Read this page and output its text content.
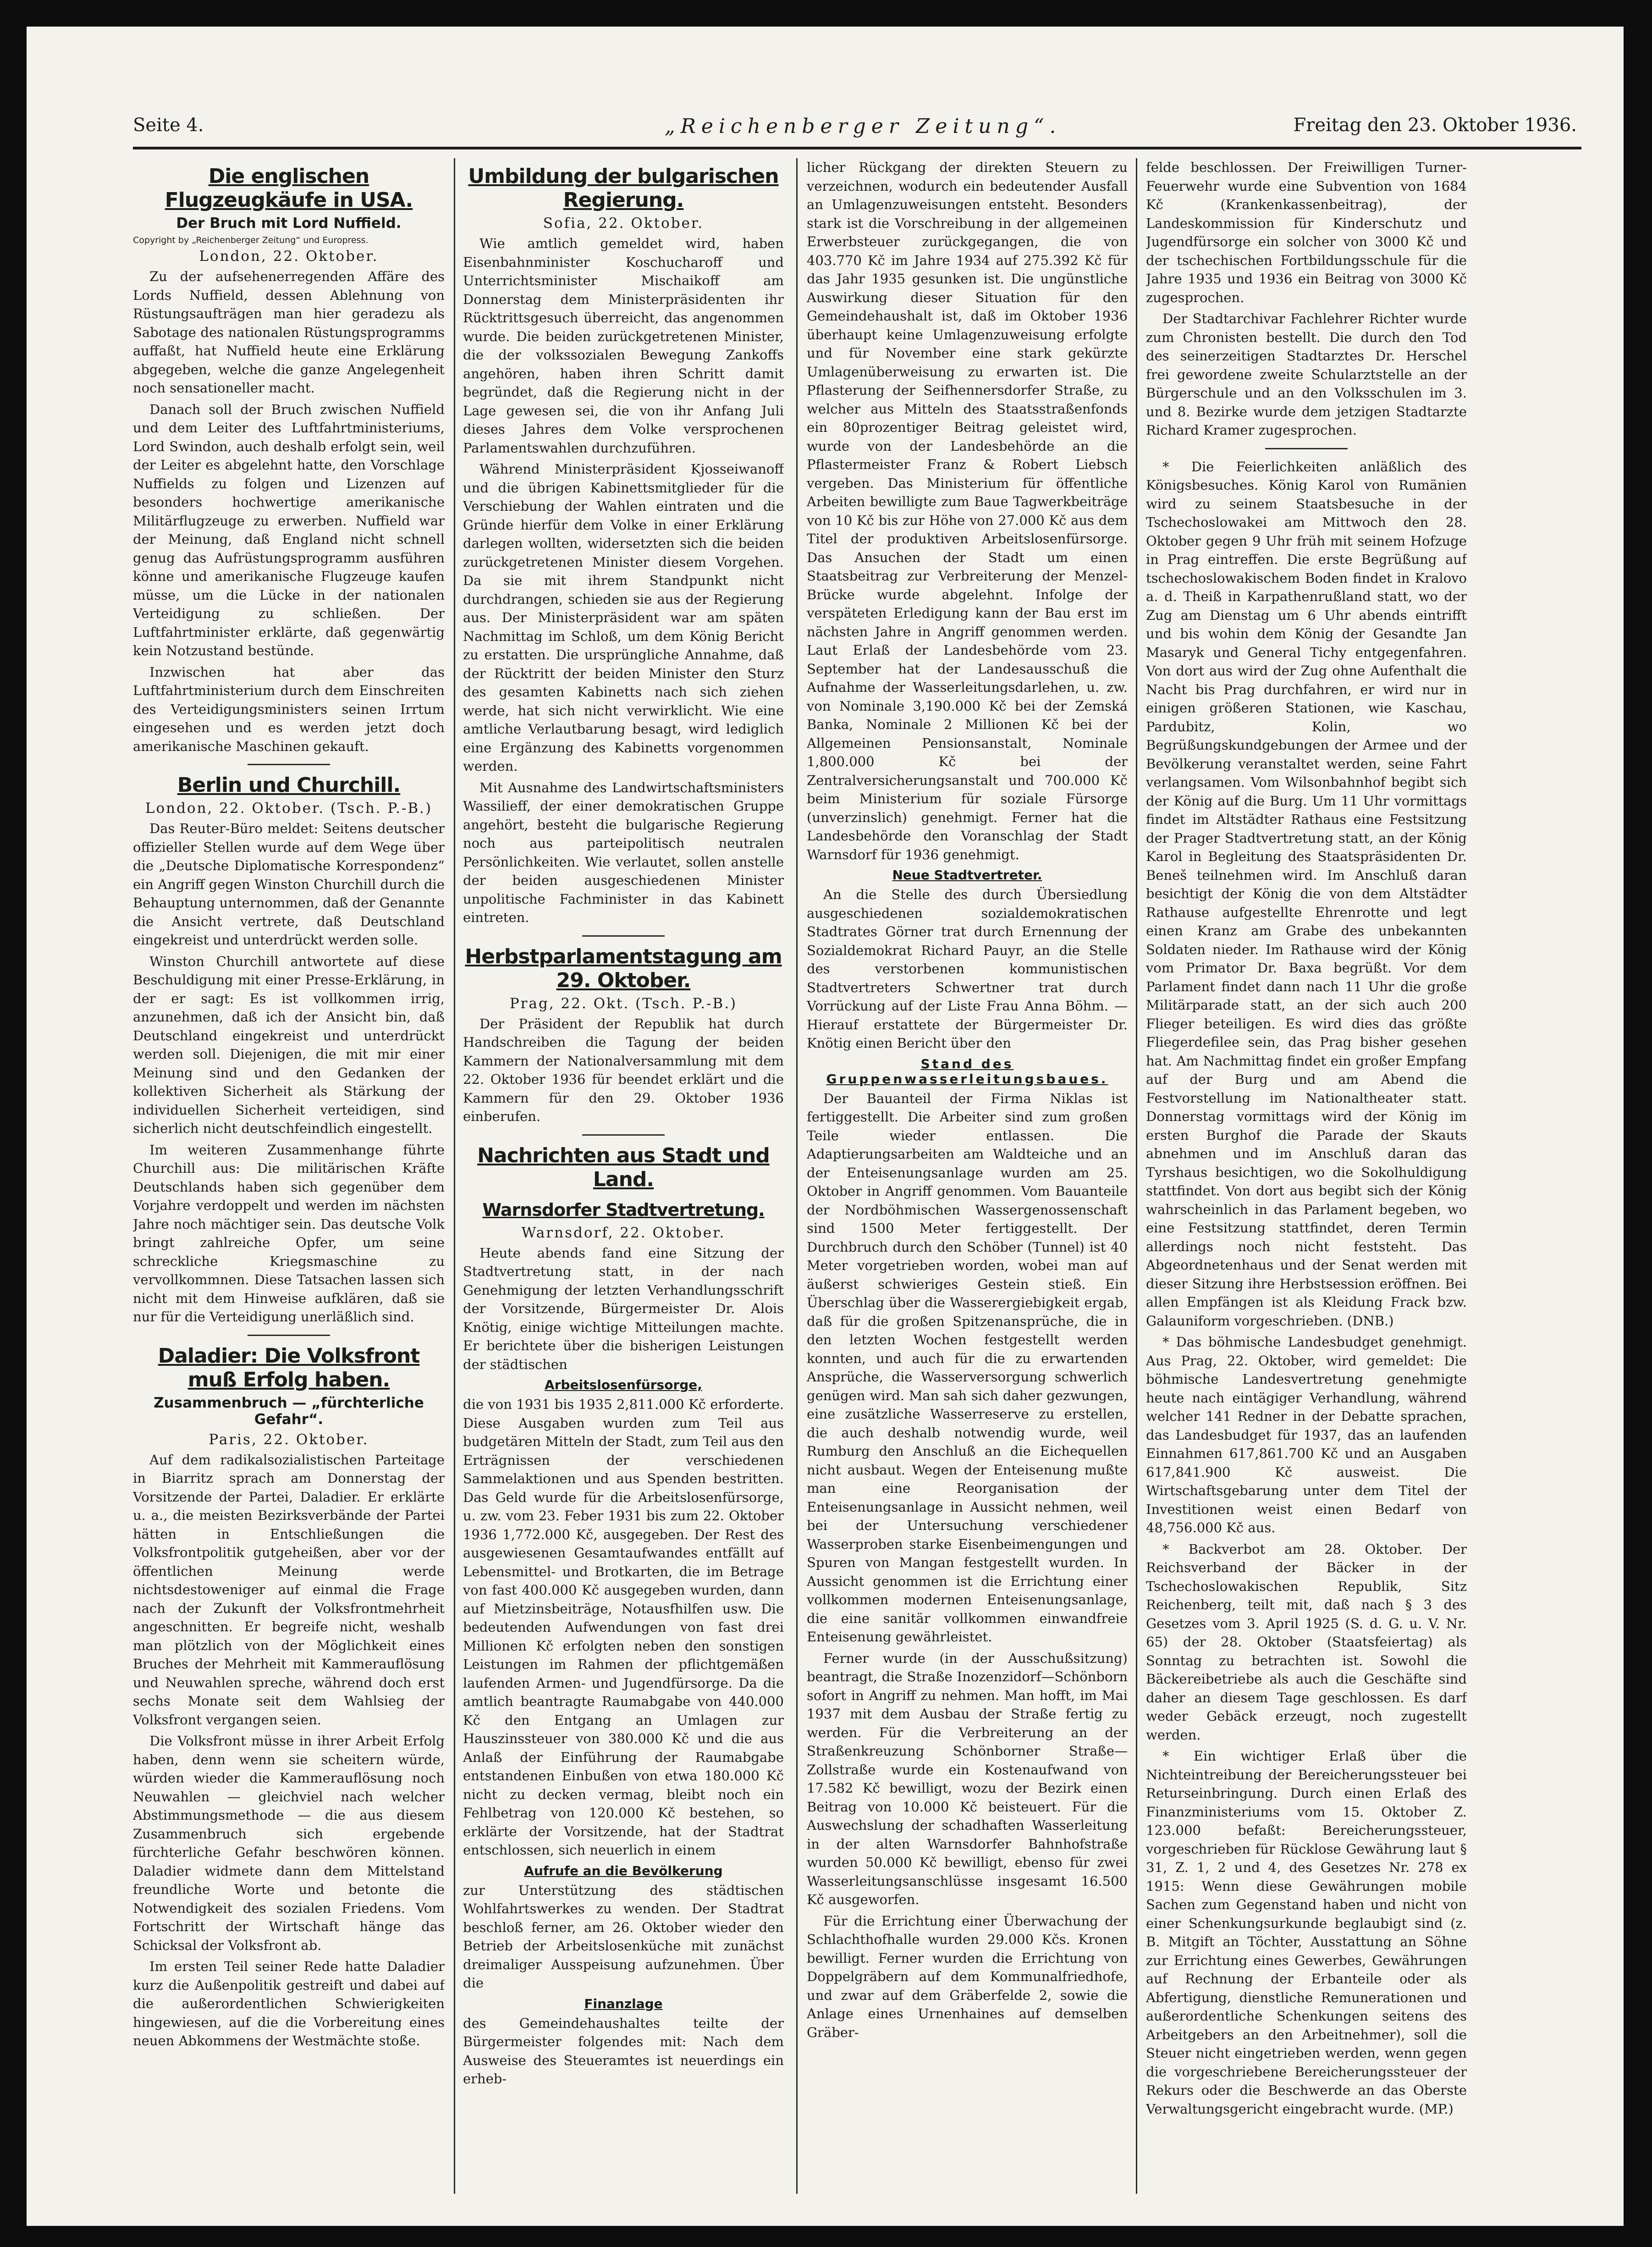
Seite 4.	„Reichenberger Zeitung“.	Freitag den 23. Oktober 1936.
Die englischen Flugzeugkäufe in USA.
Der Bruch mit Lord Nuffield.
Copyright by „Reichenberger Zeitung“ und Europress.
London, 22. Oktober.

Zu der aufsehenerregenden Affäre des Lords Nuffield, dessen Ablehnung von Rüstungsaufträgen man hier geradezu als Sabotage des nationalen Rüstungsprogramms auffaßt, hat Nuffield heute eine Erklärung abgegeben, welche die ganze Angelegenheit noch sensationeller macht.

Danach soll der Bruch zwischen Nuffield und dem Leiter des Luftfahrtministeriums, Lord Swindon, auch deshalb erfolgt sein, weil der Leiter es abgelehnt hatte, den Vorschlage Nuffields zu folgen und Lizenzen auf besonders hochwertige amerikanische Militärflugzeuge zu erwerben. Nuffield war der Meinung, daß England nicht schnell genug das Aufrüstungsprogramm ausführen könne und amerikanische Flugzeuge kaufen müsse, um die Lücke in der nationalen Verteidigung zu schließen. Der Luftfahrtminister erklärte, daß gegenwärtig kein Notzustand bestünde.

Inzwischen hat aber das Luftfahrtministerium durch dem Einschreiten des Verteidigungsministers seinen Irrtum eingesehen und es werden jetzt doch amerikanische Maschinen gekauft.

Berlin und Churchill.
London, 22. Oktober. (Tsch. P.-B.)

Das Reuter-Büro meldet: Seitens deutscher offizieller Stellen wurde auf dem Wege über die „Deutsche Diplomatische Korrespondenz“ ein Angriff gegen Winston Churchill durch die Behauptung unternommen, daß der Genannte die Ansicht vertrete, daß Deutschland eingekreist und unterdrückt werden solle.

Winston Churchill antwortete auf diese Beschuldigung mit einer Presse-Erklärung, in der er sagt: Es ist vollkommen irrig, anzunehmen, daß ich der Ansicht bin, daß Deutschland eingekreist und unterdrückt werden soll. Diejenigen, die mit mir einer Meinung sind und den Gedanken der kollektiven Sicherheit als Stärkung der individuellen Sicherheit verteidigen, sind sicherlich nicht deutschfeindlich eingestellt.

Im weiteren Zusammenhange führte Churchill aus: Die militärischen Kräfte Deutschlands haben sich gegenüber dem Vorjahre verdoppelt und werden im nächsten Jahre noch mächtiger sein. Das deutsche Volk bringt zahlreiche Opfer, um seine schreckliche Kriegsmaschine zu vervollkommnen. Diese Tatsachen lassen sich nicht mit dem Hinweise aufklären, daß sie nur für die Verteidigung unerläßlich sind.

Daladier: Die Volksfront muß Erfolg haben.
Zusammenbruch — „fürchterliche Gefahr“.
Paris, 22. Oktober.

Auf dem radikalsozialistischen Parteitage in Biarritz sprach am Donnerstag der Vorsitzende der Partei, Daladier. Er erklärte u. a., die meisten Bezirksverbände der Partei hätten in Entschließungen die Volksfrontpolitik gutgeheißen, aber vor der öffentlichen Meinung werde nichtsdestoweniger auf einmal die Frage nach der Zukunft der Volksfrontmehrheit angeschnitten. Er begreife nicht, weshalb man plötzlich von der Möglichkeit eines Bruches der Mehrheit mit Kammerauflösung und Neuwahlen spreche, während doch erst sechs Monate seit dem Wahlsieg der Volksfront vergangen seien.

Die Volksfront müsse in ihrer Arbeit Erfolg haben, denn wenn sie scheitern würde, würden wieder die Kammerauflösung noch Neuwahlen — gleichviel nach welcher Abstimmungsmethode — die aus diesem Zusammenbruch sich ergebende fürchterliche Gefahr beschwören können. Daladier widmete dann dem Mittelstand freundliche Worte und betonte die Notwendigkeit des sozialen Friedens. Vom Fortschritt der Wirtschaft hänge das Schicksal der Volksfront ab.

Im ersten Teil seiner Rede hatte Daladier kurz die Außenpolitik gestreift und dabei auf die außerordentlichen Schwierigkeiten hingewiesen, auf die die Vorbereitung eines neuen Abkommens der Westmächte stoße.

Umbildung der bulgarischen Regierung.
Sofia, 22. Oktober.

Wie amtlich gemeldet wird, haben Eisenbahnminister Koschucharoff und Unterrichtsminister Mischaikoff am Donnerstag dem Ministerpräsidenten ihr Rücktrittsgesuch überreicht, das angenommen wurde. Die beiden zurückgetretenen Minister, die der volkssozialen Bewegung Zankoffs angehören, haben ihren Schritt damit begründet, daß die Regierung nicht in der Lage gewesen sei, die von ihr Anfang Juli dieses Jahres dem Volke versprochenen Parlamentswahlen durchzuführen.

Während Ministerpräsident Kjosseiwanoff und die übrigen Kabinettsmitglieder für die Verschiebung der Wahlen eintraten und die Gründe hierfür dem Volke in einer Erklärung darlegen wollten, widersetzten sich die beiden zurückgetretenen Minister diesem Vorgehen. Da sie mit ihrem Standpunkt nicht durchdrangen, schieden sie aus der Regierung aus. Der Ministerpräsident war am späten Nachmittag im Schloß, um dem König Bericht zu erstatten. Die ursprüngliche Annahme, daß der Rücktritt der beiden Minister den Sturz des gesamten Kabinetts nach sich ziehen werde, hat sich nicht verwirklicht. Wie eine amtliche Verlautbarung besagt, wird lediglich eine Ergänzung des Kabinetts vorgenommen werden.

Mit Ausnahme des Landwirtschaftsministers Wassilieff, der einer demokratischen Gruppe angehört, besteht die bulgarische Regierung noch aus parteipolitisch neutralen Persönlichkeiten. Wie verlautet, sollen anstelle der beiden ausgeschiedenen Minister unpolitische Fachminister in das Kabinett eintreten.

Herbstparlamentstagung am 29. Oktober.
Prag, 22. Okt. (Tsch. P.-B.)

Der Präsident der Republik hat durch Handschreiben die Tagung der beiden Kammern der Nationalversammlung mit dem 22. Oktober 1936 für beendet erklärt und die Kammern für den 29. Oktober 1936 einberufen.

Nachrichten aus Stadt und Land.
Warnsdorfer Stadtvertretung.
Warnsdorf, 22. Oktober.

Heute abends fand eine Sitzung der Stadtvertretung statt, in der nach Genehmigung der letzten Verhandlungsschrift der Vorsitzende, Bürgermeister Dr. Alois Knötig, einige wichtige Mitteilungen machte. Er berichtete über die bisherigen Leistungen der städtischen

Arbeitslosenfürsorge,

die von 1931 bis 1935 2,811.000 Kč erforderte. Diese Ausgaben wurden zum Teil aus budgetären Mitteln der Stadt, zum Teil aus den Erträgnissen der verschiedenen Sammelaktionen und aus Spenden bestritten. Das Geld wurde für die Arbeitslosenfürsorge, u. zw. vom 23. Feber 1931 bis zum 22. Oktober 1936 1,772.000 Kč, ausgegeben. Der Rest des ausgewiesenen Gesamtaufwandes entfällt auf Lebensmittel- und Brotkarten, die im Betrage von fast 400.000 Kč ausgegeben wurden, dann auf Mietzinsbeiträge, Notausfhilfen usw. Die bedeutenden Aufwendungen von fast drei Millionen Kč erfolgten neben den sonstigen Leistungen im Rahmen der pflichtgemäßen laufenden Armen- und Jugendfürsorge. Da die amtlich beantragte Raumabgabe von 440.000 Kč den Entgang an Umlagen zur Hauszinssteuer von 380.000 Kč und die aus Anlaß der Einführung der Raumabgabe entstandenen Einbußen von etwa 180.000 Kč nicht zu decken vermag, bleibt noch ein Fehlbetrag von 120.000 Kč bestehen, so erklärte der Vorsitzende, hat der Stadtrat entschlossen, sich neuerlich in einem

Aufrufe an die Bevölkerung

zur Unterstützung des städtischen Wohlfahrtswerkes zu wenden. Der Stadtrat beschloß ferner, am 26. Oktober wieder den Betrieb der Arbeitslosenküche mit zunächst dreimaliger Ausspeisung aufzunehmen. Über die

Finanzlage

des Gemeindehaushaltes teilte der Bürgermeister folgendes mit: Nach dem Ausweise des Steueramtes ist neuerdings ein erheb-

licher Rückgang der direkten Steuern zu verzeichnen, wodurch ein bedeutender Ausfall an Umlagenzuweisungen entsteht. Besonders stark ist die Vorschreibung in der allgemeinen Erwerbsteuer zurückgegangen, die von 403.770 Kč im Jahre 1934 auf 275.392 Kč für das Jahr 1935 gesunken ist. Die ungünstliche Auswirkung dieser Situation für den Gemeindehaushalt ist, daß im Oktober 1936 überhaupt keine Umlagenzuweisung erfolgte und für November eine stark gekürzte Umlagenüberweisung zu erwarten ist. Die Pflasterung der Seifhennersdorfer Straße, zu welcher aus Mitteln des Staatsstraßenfonds ein 80prozentiger Beitrag geleistet wird, wurde von der Landesbehörde an die Pflastermeister Franz & Robert Liebsch vergeben. Das Ministerium für öffentliche Arbeiten bewilligte zum Baue Tagwerkbeiträge von 10 Kč bis zur Höhe von 27.000 Kč aus dem Titel der produktiven Arbeitslosenfürsorge. Das Ansuchen der Stadt um einen Staatsbeitrag zur Verbreiterung der Menzel-Brücke wurde abgelehnt. Infolge der verspäteten Erledigung kann der Bau erst im nächsten Jahre in Angriff genommen werden. Laut Erlaß der Landesbehörde vom 23. September hat der Landesausschuß die Aufnahme der Wasserleitungsdarlehen, u. zw. von Nominale 3,190.000 Kč bei der Zemská Banka, Nominale 2 Millionen Kč bei der Allgemeinen Pensionsanstalt, Nominale 1,800.000 Kč bei der Zentralversicherungsanstalt und 700.000 Kč beim Ministerium für soziale Fürsorge (unverzinslich) genehmigt. Ferner hat die Landesbehörde den Voranschlag der Stadt Warnsdorf für 1936 genehmigt.

Neue Stadtvertreter.

An die Stelle des durch Übersiedlung ausgeschiedenen sozialdemokratischen Stadtrates Görner trat durch Ernennung der Sozialdemokrat Richard Pauyr, an die Stelle des verstorbenen kommunistischen Stadtvertreters Schwertner trat durch Vorrückung auf der Liste Frau Anna Böhm. — Hierauf erstattete der Bürgermeister Dr. Knötig einen Bericht über den

Stand des Gruppenwasserleitungsbaues.

Der Bauanteil der Firma Niklas ist fertiggestellt. Die Arbeiter sind zum großen Teile wieder entlassen. Die Adaptierungsarbeiten am Waldteiche und an der Enteisenungsanlage wurden am 25. Oktober in Angriff genommen. Vom Bauanteile der Nordböhmischen Wassergenossenschaft sind 1500 Meter fertiggestellt. Der Durchbruch durch den Schöber (Tunnel) ist 40 Meter vorgetrieben worden, wobei man auf äußerst schwieriges Gestein stieß. Ein Überschlag über die Wasserergiebigkeit ergab, daß für die großen Spitzenansprüche, die in den letzten Wochen festgestellt werden konnten, und auch für die zu erwartenden Ansprüche, die Wasserversorgung schwerlich genügen wird. Man sah sich daher gezwungen, eine zusätzliche Wasserreserve zu erstellen, die auch deshalb notwendig wurde, weil Rumburg den Anschluß an die Eichequellen nicht ausbaut. Wegen der Enteisenung mußte man eine Reorganisation der Enteisenungsanlage in Aussicht nehmen, weil bei der Untersuchung verschiedener Wasserproben starke Eisenbeimengungen und Spuren von Mangan festgestellt wurden. In Aussicht genommen ist die Errichtung einer vollkommen modernen Enteisenungsanlage, die eine sanitär vollkommen einwandfreie Enteisenung gewährleistet.

Ferner wurde (in der Ausschußsitzung) beantragt, die Straße Inozenzidorf—Schönborn sofort in Angriff zu nehmen. Man hofft, im Mai 1937 mit dem Ausbau der Straße fertig zu werden. Für die Verbreiterung an der Straßenkreuzung Schönborner Straße—Zollstraße wurde ein Kostenaufwand von 17.582 Kč bewilligt, wozu der Bezirk einen Beitrag von 10.000 Kč beisteuert. Für die Auswechslung der schadhaften Wasserleitung in der alten Warnsdorfer Bahnhofstraße wurden 50.000 Kč bewilligt, ebenso für zwei Wasserleitungsanschlüsse insgesamt 16.500 Kč ausgeworfen.

Für die Errichtung einer Überwachung der Schlachthofhalle wurden 29.000 Kčs. Kronen bewilligt. Ferner wurden die Errichtung von Doppelgräbern auf dem Kommunalfriedhofe, und zwar auf dem Gräberfelde 2, sowie die Anlage eines Urnenhaines auf demselben Gräber-

felde beschlossen. Der Freiwilligen Turner-Feuerwehr wurde eine Subvention von 1684 Kč (Krankenkassenbeitrag), der Landeskommission für Kinderschutz und Jugendfürsorge ein solcher von 3000 Kč und der tschechischen Fortbildungsschule für die Jahre 1935 und 1936 ein Beitrag von 3000 Kč zugesprochen.

Der Stadtarchivar Fachlehrer Richter wurde zum Chronisten bestellt. Die durch den Tod des seinerzeitigen Stadtarztes Dr. Herschel frei gewordene zweite Schularztstelle an der Bürgerschule und an den Volksschulen im 3. und 8. Bezirke wurde dem jetzigen Stadtarzte Richard Kramer zugesprochen.

* Die Feierlichkeiten anläßlich des Königsbesuches. König Karol von Rumänien wird zu seinem Staatsbesuche in der Tschechoslowakei am Mittwoch den 28. Oktober gegen 9 Uhr früh mit seinem Hofzuge in Prag eintreffen. Die erste Begrüßung auf tschechoslowakischem Boden findet in Kralovo a. d. Theiß in Karpathenrußland statt, wo der Zug am Dienstag um 6 Uhr abends eintrifft und bis wohin dem König der Gesandte Jan Masaryk und General Tichy entgegenfahren. Von dort aus wird der Zug ohne Aufenthalt die Nacht bis Prag durchfahren, er wird nur in einigen größeren Stationen, wie Kaschau, Pardubitz, Kolin, wo Begrüßungskundgebungen der Armee und der Bevölkerung veranstaltet werden, seine Fahrt verlangsamen. Vom Wilsonbahnhof begibt sich der König auf die Burg. Um 11 Uhr vormittags findet im Altstädter Rathaus eine Festsitzung der Prager Stadtvertretung statt, an der König Karol in Begleitung des Staatspräsidenten Dr. Beneš teilnehmen wird. Im Anschluß daran besichtigt der König die von dem Altstädter Rathause aufgestellte Ehrenrotte und legt einen Kranz am Grabe des unbekannten Soldaten nieder. Im Rathause wird der König vom Primator Dr. Baxa begrüßt. Vor dem Parlament findet dann nach 11 Uhr die große Militärparade statt, an der sich auch 200 Flieger beteiligen. Es wird dies das größte Fliegerdefilee sein, das Prag bisher gesehen hat. Am Nachmittag findet ein großer Empfang auf der Burg und am Abend die Festvorstellung im Nationaltheater statt. Donnerstag vormittags wird der König im ersten Burghof die Parade der Skauts abnehmen und im Anschluß daran das Tyrshaus besichtigen, wo die Sokolhuldigung stattfindet. Von dort aus begibt sich der König wahrscheinlich in das Parlament begeben, wo eine Festsitzung stattfindet, deren Termin allerdings noch nicht feststeht. Das Abgeordnetenhaus und der Senat werden mit dieser Sitzung ihre Herbstsession eröffnen. Bei allen Empfängen ist als Kleidung Frack bzw. Galauniform vorgeschrieben. (DNB.)

* Das böhmische Landesbudget genehmigt. Aus Prag, 22. Oktober, wird gemeldet: Die böhmische Landesvertretung genehmigte heute nach eintägiger Verhandlung, während welcher 141 Redner in der Debatte sprachen, das Landesbudget für 1937, das an laufenden Einnahmen 617,861.700 Kč und an Ausgaben 617,841.900 Kč ausweist. Die Wirtschaftsgebarung unter dem Titel der Investitionen weist einen Bedarf von 48,756.000 Kč aus.

* Backverbot am 28. Oktober. Der Reichsverband der Bäcker in der Tschechoslowakischen Republik, Sitz Reichenberg, teilt mit, daß nach § 3 des Gesetzes vom 3. April 1925 (S. d. G. u. V. Nr. 65) der 28. Oktober (Staatsfeiertag) als Sonntag zu betrachten ist. Sowohl die Bäckereibetriebe als auch die Geschäfte sind daher an diesem Tage geschlossen. Es darf weder Gebäck erzeugt, noch zugestellt werden.

* Ein wichtiger Erlaß über die Nichteintreibung der Bereicherungssteuer bei Returseinbringung. Durch einen Erlaß des Finanzministeriums vom 15. Oktober Z. 123.000 befaßt: Bereicherungssteuer, vorgeschrieben für Rücklose Gewährung laut § 31, Z. 1, 2 und 4, des Gesetzes Nr. 278 ex 1915: Wenn diese Gewährungen mobile Sachen zum Gegenstand haben und nicht von einer Schenkungsurkunde beglaubigt sind (z. B. Mitgift an Töchter, Ausstattung an Söhne zur Errichtung eines Gewerbes, Gewährungen auf Rechnung der Erbanteile oder als Abfertigung, dienstliche Remunerationen und außerordentliche Schenkungen seitens des Arbeitgebers an den Arbeitnehmer), soll die Steuer nicht eingetrieben werden, wenn gegen die vorgeschriebene Bereicherungssteuer der Rekurs oder die Beschwerde an das Oberste Verwaltungsgericht eingebracht wurde. (MP.)
